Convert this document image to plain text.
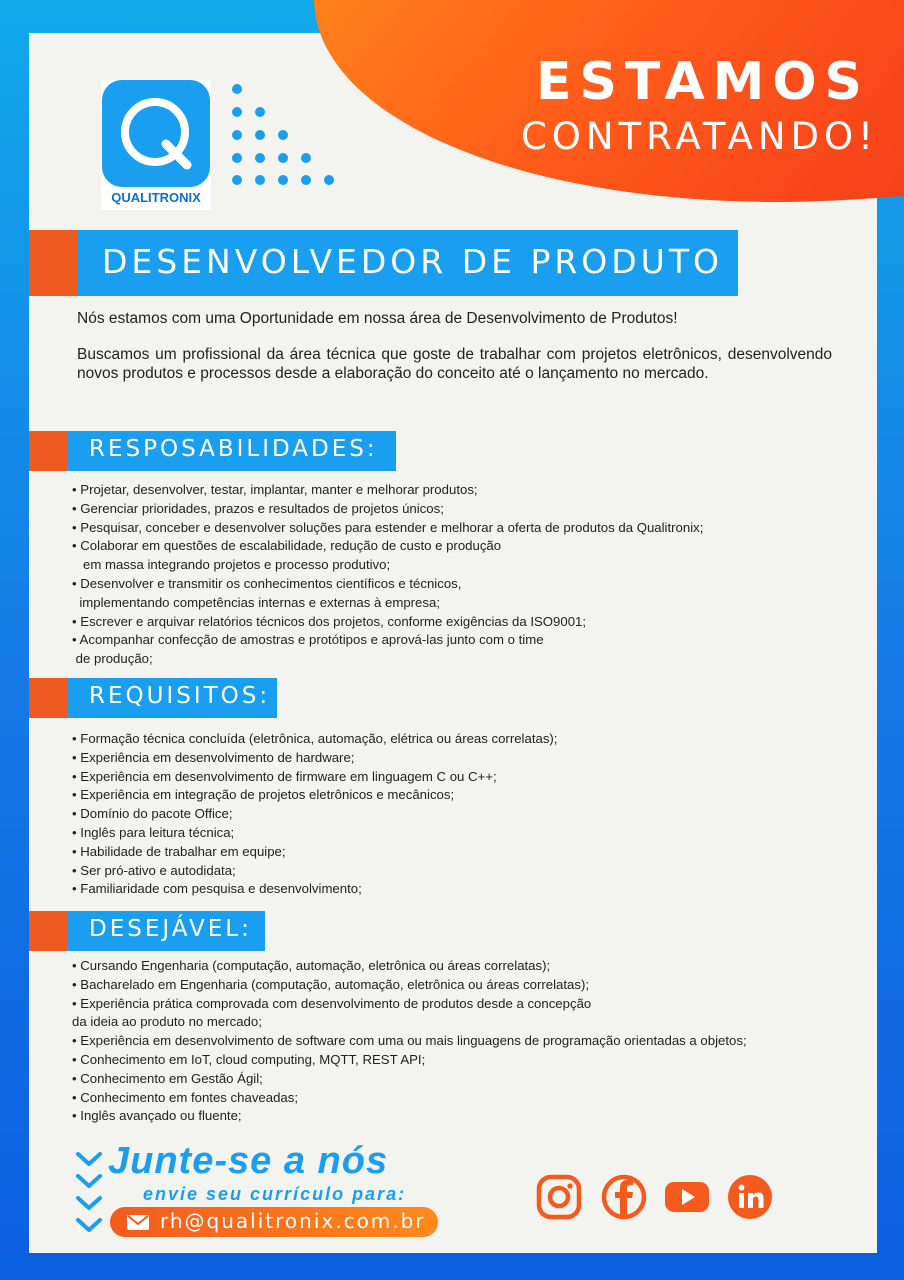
ESTAMOS
CONTRATANDO!
QUALITRONIX
DESENVOLVEDOR DE PRODUTO
Nós estamos com uma Oportunidade em nossa área de Desenvolvimento de Produtos!
Buscamos um profissional da área técnica que goste de trabalhar com projetos eletrônicos, desenvolvendo novos produtos e processos desde a elaboração do conceito até o lançamento no mercado.
RESPOSABILIDADES:
• Projetar, desenvolver, testar, implantar, manter e melhorar produtos;
• Gerenciar prioridades, prazos e resultados de projetos únicos;
• Pesquisar, conceber e desenvolver soluções para estender e melhorar a oferta de produtos da Qualitronix;
• Colaborar em questões de escalabilidade, redução de custo e produção
em massa integrando projetos e processo produtivo;
• Desenvolver e transmitir os conhecimentos científicos e técnicos,
implementando competências internas e externas à empresa;
• Escrever e arquivar relatórios técnicos dos projetos, conforme exigências da ISO9001;
• Acompanhar confecção de amostras e protótipos e aprová-las junto com o time
de produção;
REQUISITOS:
• Formação técnica concluída (eletrônica, automação, elétrica ou áreas correlatas);
• Experiência em desenvolvimento de hardware;
• Experiência em desenvolvimento de firmware em linguagem C ou C++;
• Experiência em integração de projetos eletrônicos e mecânicos;
• Domínio do pacote Office;
• Inglês para leitura técnica;
• Habilidade de trabalhar em equipe;
• Ser pró-ativo e autodidata;
• Familiaridade com pesquisa e desenvolvimento;
DESEJÁVEL:
• Cursando Engenharia (computação, automação, eletrônica ou áreas correlatas);
• Bacharelado em Engenharia (computação, automação, eletrônica ou áreas correlatas);
• Experiência prática comprovada com desenvolvimento de produtos desde a concepção
da ideia ao produto no mercado;
• Experiência em desenvolvimento de software com uma ou mais linguagens de programação orientadas a objetos;
• Conhecimento em IoT, cloud computing, MQTT, REST API;
• Conhecimento em Gestão Ágil;
• Conhecimento em fontes chaveadas;
• Inglês avançado ou fluente;
Junte-se a nós
envie seu currículo para:
rh@qualitronix.com.br
